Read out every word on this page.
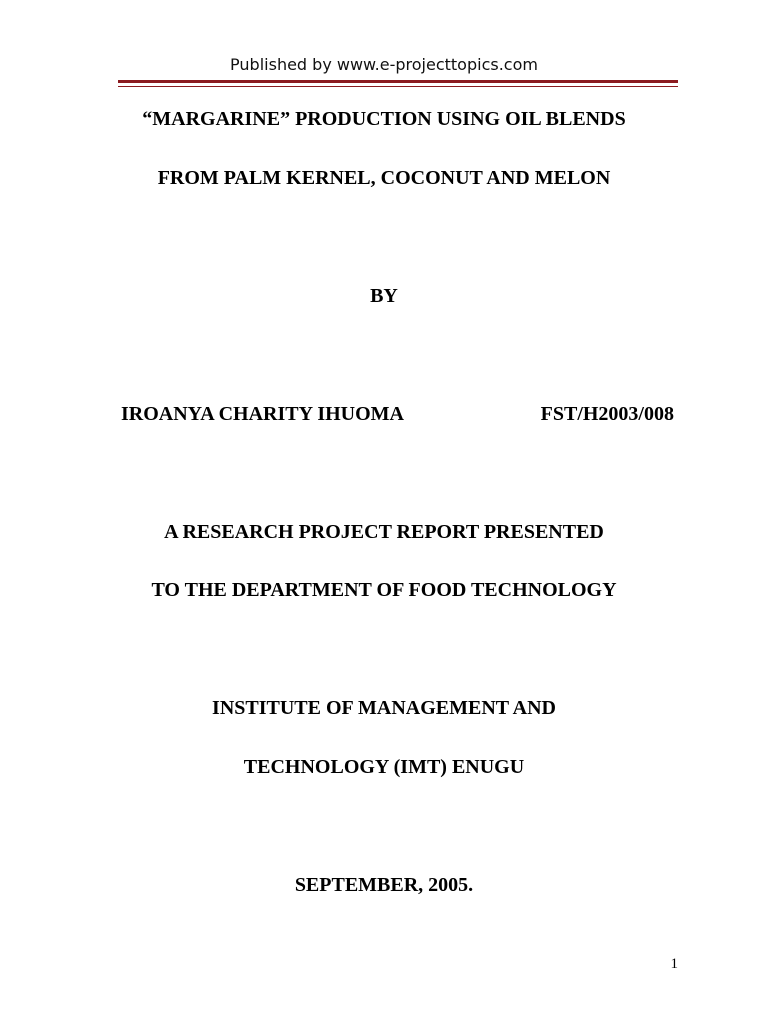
Published by www.e-projecttopics.com
“MARGARINE” PRODUCTION USING OIL BLENDS
FROM PALM KERNEL, COCONUT AND MELON
BY
IROANYA CHARITY IHUOMA	FST/H2003/008
A RESEARCH PROJECT REPORT PRESENTED
TO THE DEPARTMENT OF FOOD TECHNOLOGY
INSTITUTE OF MANAGEMENT AND
TECHNOLOGY (IMT) ENUGU
SEPTEMBER, 2005.
1
